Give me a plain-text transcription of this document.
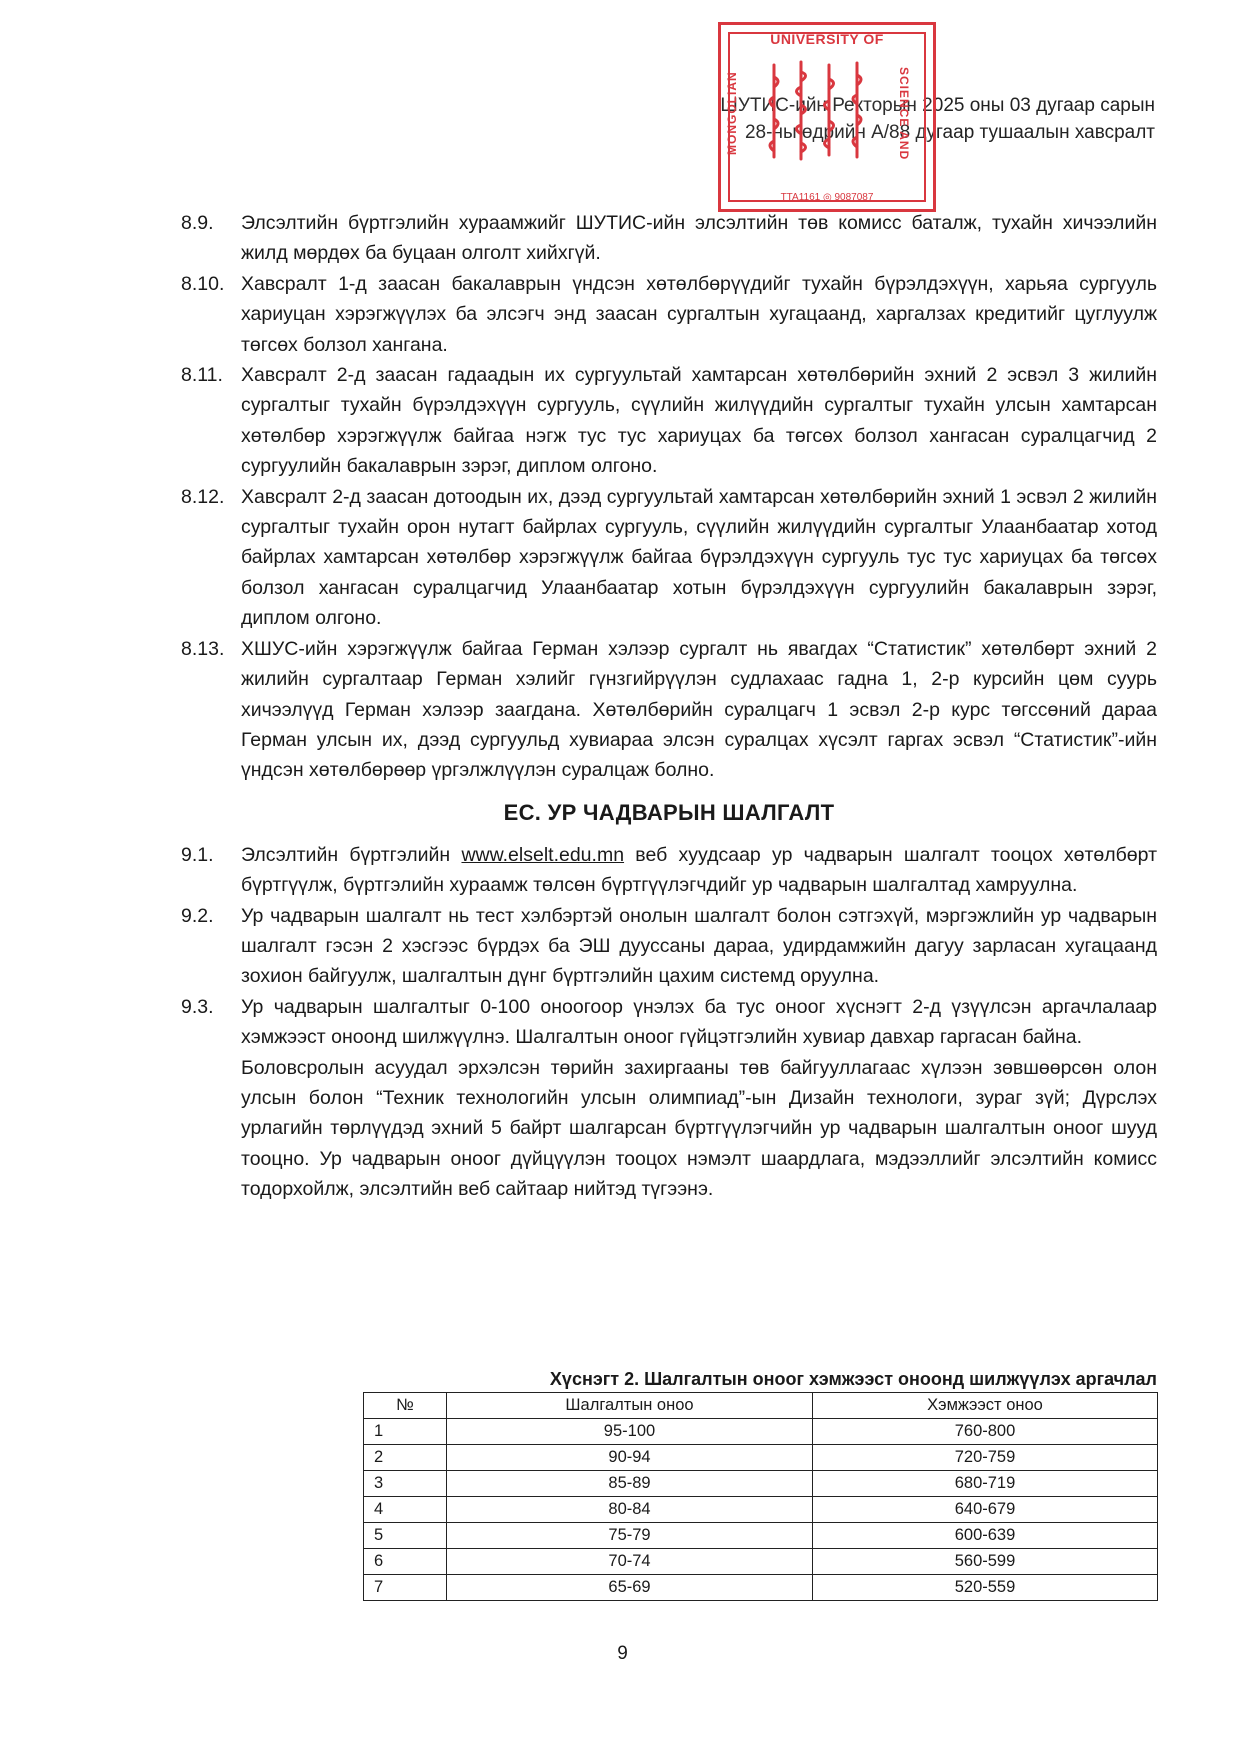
ШУТИС-ийн Ректорын 2025 оны 03 дугаар сарын
28-ны өдрийн А/88 дугаар тушаалын хавсралт
UNIVERSITY OF
MONGOLIAN	SCIENCE AND
TTA1161 ◎ 9087087
8.9. Элсэлтийн бүртгэлийн хураамжийг ШУТИС-ийн элсэлтийн төв комисс баталж, тухайн хичээлийн жилд мөрдөх ба буцаан олголт хийхгүй.
8.10. Хавсралт 1-д заасан бакалаврын үндсэн хөтөлбөрүүдийг тухайн бүрэлдэхүүн, харьяа сургууль хариуцан хэрэгжүүлэх ба элсэгч энд заасан сургалтын хугацаанд, харгалзах кредитийг цуглуулж төгсөх болзол хангана.
8.11. Хавсралт 2-д заасан гадаадын их сургуультай хамтарсан хөтөлбөрийн эхний 2 эсвэл 3 жилийн сургалтыг тухайн бүрэлдэхүүн сургууль, сүүлийн жилүүдийн сургалтыг тухайн улсын хамтарсан хөтөлбөр хэрэгжүүлж байгаа нэгж тус тус хариуцах ба төгсөх болзол хангасан суралцагчид 2 сургуулийн бакалаврын зэрэг, диплом олгоно.
8.12. Хавсралт 2-д заасан дотоодын их, дээд сургуультай хамтарсан хөтөлбөрийн эхний 1 эсвэл 2 жилийн сургалтыг тухайн орон нутагт байрлах сургууль, сүүлийн жилүүдийн сургалтыг Улаанбаатар хотод байрлах хамтарсан хөтөлбөр хэрэгжүүлж байгаа бүрэлдэхүүн сургууль тус тус хариуцах ба төгсөх болзол хангасан суралцагчид Улаанбаатар хотын бүрэлдэхүүн сургуулийн бакалаврын зэрэг, диплом олгоно.
8.13. ХШУС-ийн хэрэгжүүлж байгаа Герман хэлээр сургалт нь явагдах “Статистик” хөтөлбөрт эхний 2 жилийн сургалтаар Герман хэлийг гүнзгийрүүлэн судлахаас гадна 1, 2-р курсийн цөм суурь хичээлүүд Герман хэлээр заагдана. Хөтөлбөрийн суралцагч 1 эсвэл 2-р курс төгссөний дараа Герман улсын их, дээд сургуульд хувиараа элсэн суралцах хүсэлт гаргах эсвэл “Статистик”-ийн үндсэн хөтөлбөрөөр үргэлжлүүлэн суралцаж болно.
ЕС. УР ЧАДВАРЫН ШАЛГАЛТ
9.1. Элсэлтийн бүртгэлийн www.elselt.edu.mn веб хуудсаар ур чадварын шалгалт тооцох хөтөлбөрт бүртгүүлж, бүртгэлийн хураамж төлсөн бүртгүүлэгчдийг ур чадварын шалгалтад хамруулна.
9.2. Ур чадварын шалгалт нь тест хэлбэртэй онолын шалгалт болон сэтгэхүй, мэргэжлийн ур чадварын шалгалт гэсэн 2 хэсгээс бүрдэх ба ЭШ дууссаны дараа, удирдамжийн дагуу зарласан хугацаанд зохион байгуулж, шалгалтын дүнг бүртгэлийн цахим системд оруулна.
9.3. Ур чадварын шалгалтыг 0-100 оноогоор үнэлэх ба тус оноог хүснэгт 2-д үзүүлсэн аргачлалаар хэмжээст оноонд шилжүүлнэ. Шалгалтын оноог гүйцэтгэлийн хувиар давхар гаргасан байна.
Боловсролын асуудал эрхэлсэн төрийн захиргааны төв байгууллагаас хүлээн зөвшөөрсөн олон улсын болон “Техник технологийн улсын олимпиад”-ын Дизайн технологи, зураг зүй; Дүрслэх урлагийн төрлүүдэд эхний 5 байрт шалгарсан бүртгүүлэгчийн ур чадварын шалгалтын оноог шууд тооцно. Ур чадварын оноог дүйцүүлэн тооцох нэмэлт шаардлага, мэдээллийг элсэлтийн комисс тодорхойлж, элсэлтийн веб сайтаар нийтэд түгээнэ.
Хүснэгт 2. Шалгалтын оноог хэмжээст оноонд шилжүүлэх аргачлал
№	Шалгалтын оноо	Хэмжээст оноо
1	95-100	760-800
2	90-94	720-759
3	85-89	680-719
4	80-84	640-679
5	75-79	600-639
6	70-74	560-599
7	65-69	520-559
9
